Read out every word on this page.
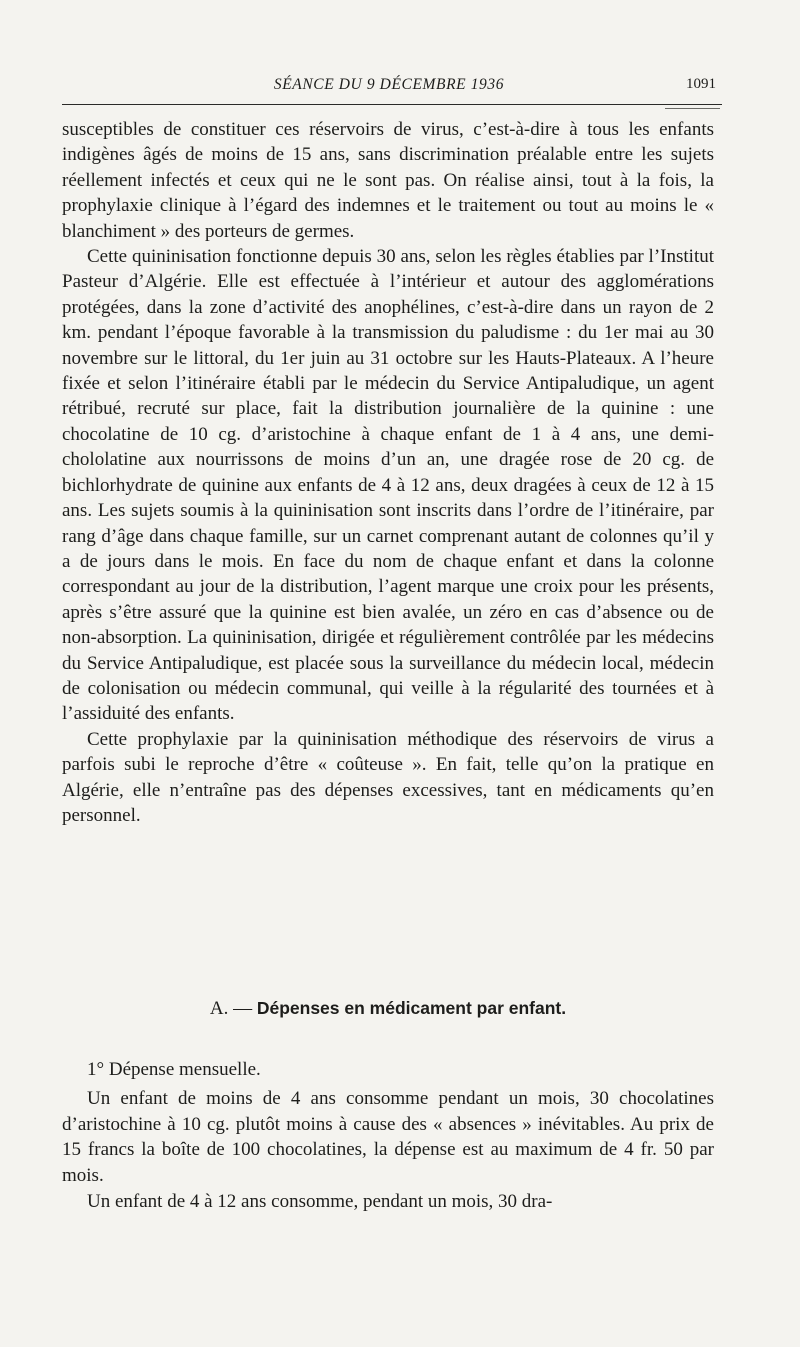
SÉANCE DU 9 DÉCEMBRE 1936	1091

susceptibles de constituer ces réservoirs de virus, c’est-à-dire à tous les enfants indigènes âgés de moins de 15 ans, sans discrimination préalable entre les sujets réellement infectés et ceux qui ne le sont pas. On réalise ainsi, tout à la fois, la prophylaxie clinique à l’égard des indemnes et le traitement ou tout au moins le « blanchiment » des porteurs de germes.

Cette quininisation fonctionne depuis 30 ans, selon les règles établies par l’Institut Pasteur d’Algérie. Elle est effectuée à l’intérieur et autour des agglomérations protégées, dans la zone d’activité des anophélines, c’est-à-dire dans un rayon de 2 km. pendant l’époque favorable à la transmission du paludisme : du 1er mai au 30 novembre sur le littoral, du 1er juin au 31 octobre sur les Hauts-Plateaux. A l’heure fixée et selon l’itinéraire établi par le médecin du Service Antipaludique, un agent rétribué, recruté sur place, fait la distribution journalière de la quinine : une chocolatine de 10 cg. d’aristochine à chaque enfant de 1 à 4 ans, une demi-chololatine aux nourrissons de moins d’un an, une dragée rose de 20 cg. de bichlorhydrate de quinine aux enfants de 4 à 12 ans, deux dragées à ceux de 12 à 15 ans. Les sujets soumis à la quininisation sont inscrits dans l’ordre de l’itinéraire, par rang d’âge dans chaque famille, sur un carnet comprenant autant de colonnes qu’il y a de jours dans le mois. En face du nom de chaque enfant et dans la colonne correspondant au jour de la distribution, l’agent marque une croix pour les présents, après s’être assuré que la quinine est bien avalée, un zéro en cas d’absence ou de non-absorption. La quininisation, dirigée et régulièrement contrôlée par les médecins du Service Antipaludique, est placée sous la surveillance du médecin local, médecin de colonisation ou médecin communal, qui veille à la régularité des tournées et à l’assiduité des enfants.

Cette prophylaxie par la quininisation méthodique des réservoirs de virus a parfois subi le reproche d’être « coûteuse ». En fait, telle qu’on la pratique en Algérie, elle n’entraîne pas des dépenses excessives, tant en médicaments qu’en personnel.

A. — Dépenses en médicament par enfant.

1° Dépense mensuelle.

Un enfant de moins de 4 ans consomme pendant un mois, 30 chocolatines d’aristochine à 10 cg. plutôt moins à cause des « absences » inévitables. Au prix de 15 francs la boîte de 100 chocolatines, la dépense est au maximum de 4 fr. 50 par mois.

Un enfant de 4 à 12 ans consomme, pendant un mois, 30 dra-
